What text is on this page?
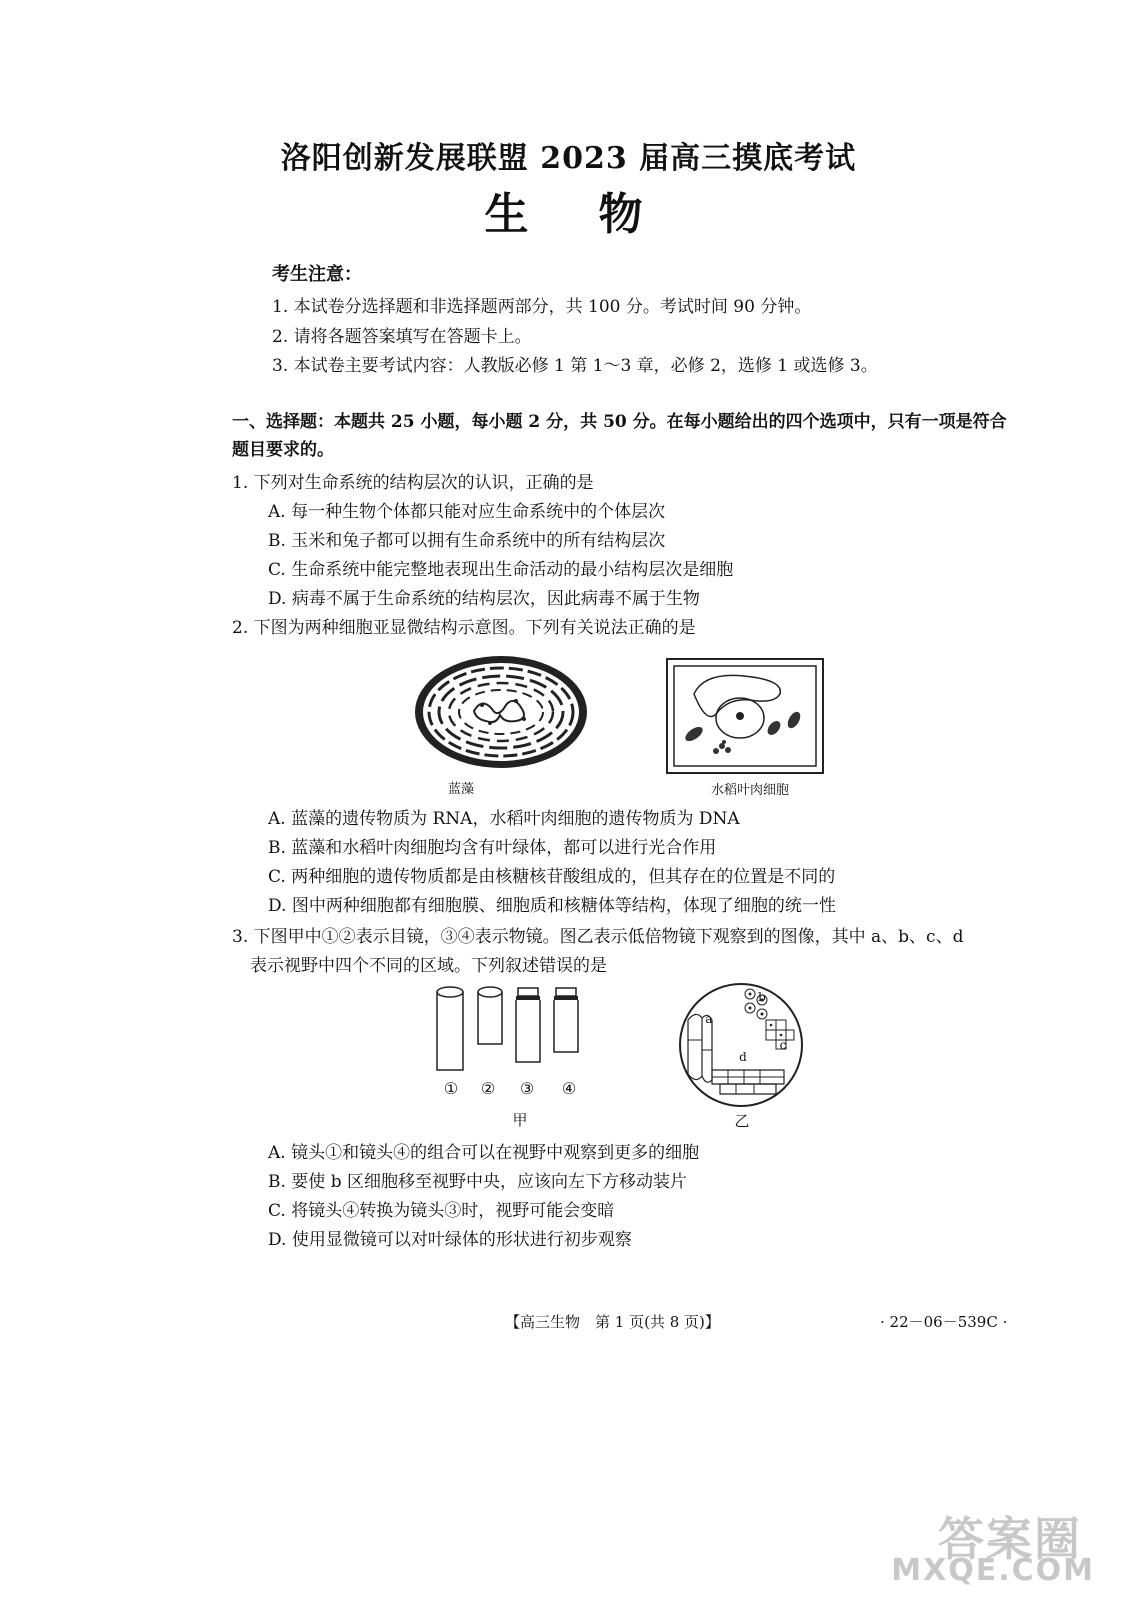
洛阳创新发展联盟 2023 届高三摸底考试
生物
考生注意：
1. 本试卷分选择题和非选择题两部分，共 100 分。考试时间 90 分钟。
2. 请将各题答案填写在答题卡上。
3. 本试卷主要考试内容：人教版必修 1 第 1～3 章，必修 2，选修 1 或选修 3。
一、选择题：本题共 25 小题，每小题 2 分，共 50 分。在每小题给出的四个选项中，只有一项是符合题目要求的。
1. 下列对生命系统的结构层次的认识，正确的是
A. 每一种生物个体都只能对应生命系统中的个体层次
B. 玉米和兔子都可以拥有生命系统中的所有结构层次
C. 生命系统中能完整地表现出生命活动的最小结构层次是细胞
D. 病毒不属于生命系统的结构层次，因此病毒不属于生物
2. 下图为两种细胞亚显微结构示意图。下列有关说法正确的是
蓝藻	水稻叶肉细胞
A. 蓝藻的遗传物质为 RNA，水稻叶肉细胞的遗传物质为 DNA
B. 蓝藻和水稻叶肉细胞均含有叶绿体，都可以进行光合作用
C. 两种细胞的遗传物质都是由核糖核苷酸组成的，但其存在的位置是不同的
D. 图中两种细胞都有细胞膜、细胞质和核糖体等结构，体现了细胞的统一性
3. 下图甲中①②表示目镜，③④表示物镜。图乙表示低倍物镜下观察到的图像，其中 a、b、c、d
表示视野中四个不同的区域。下列叙述错误的是
① ② ③ ④
甲
a
b
c
d
乙
A. 镜头①和镜头④的组合可以在视野中观察到更多的细胞
B. 要使 b 区细胞移至视野中央，应该向左下方移动装片
C. 将镜头④转换为镜头③时，视野可能会变暗
D. 使用显微镜可以对叶绿体的形状进行初步观察
【高三生物　第 1 页(共 8 页)】	· 22－06－539C ·
答案圈
MXQE.COM
